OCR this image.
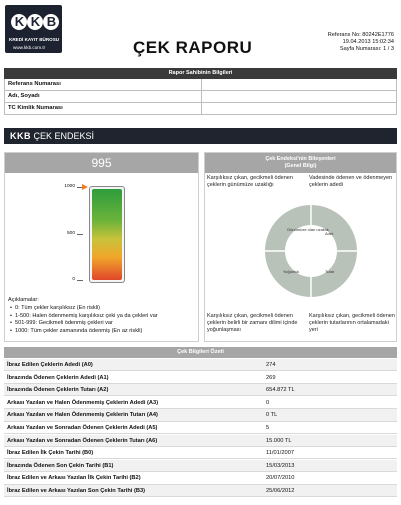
K K B
KREDİ KAYIT BÜROSU
www.kkb.com.tr	ÇEK RAPORU
Referans No: 80242E1776
19.04.2013 15:02:34
Sayfa Numarası: 1 / 3
Rapor Sahibinin Bilgileri
Referans Numarası
Adı, Soyadı
TC Kimlik Numarası
KKB ÇEK ENDEKSİ
995
1000
500
0
Açıklamalar:
• 0: Tüm çekler karşılıksız (En riskli)
• 1-500: Halen ödenmemiş karşılıksız çeki ya da çekleri var
• 501-999: Gecikmeli ödenmiş çekleri var
• 1000: Tüm çekler zamanında ödenmiş (En az riskli)
Çek Endeksi'nin Bileşenleri
(Genel Bilgi)
Karşılıksız çıkan, gecikmeli ödenen çeklerin günümüze uzaklığı
Vadesinde ödenen ve ödenmeyen çeklerin adedi
Günümüze olan uzaklık
Adet
Tutar
Yoğunluk
Karşılıksız çıkan, gecikmeli ödenen çeklerin belirli bir zamanı dilimi içinde yoğunlaşması
Karşılıksız çıkan, gecikmeli ödenen çeklerin tutarlarının ortalamadaki yeri
Çek Bilgileri Özeti
İbraz Edilen Çeklerin Adedi (A0)	274
İbrazında Ödenen Çeklerin Adedi (A1)	269
İbrazında Ödenen Çeklerin Tutarı (A2)	654.872 TL
Arkası Yazılan ve Halen Ödenmemiş Çeklerin Adedi (A3)	0
Arkası Yazılan ve Halen Ödenmemiş Çeklerin Tutarı (A4)	0 TL
Arkası Yazılan ve Sonradan Ödenen Çeklerin Adedi (A5)	5
Arkası Yazılan ve Sonradan Ödenen Çeklerin Tutarı (A6)	15.000 TL
İbraz Edilen İlk Çekin Tarihi (B0)	11/01/2007
İbrazında Ödenen Son Çekin Tarihi (B1)	15/03/2013
İbraz Edilen ve Arkası Yazılan İlk Çekin Tarihi (B2)	20/07/2010
İbraz Edilen ve Arkası Yazılan Son Çekin Tarihi (B3)	25/06/2012
